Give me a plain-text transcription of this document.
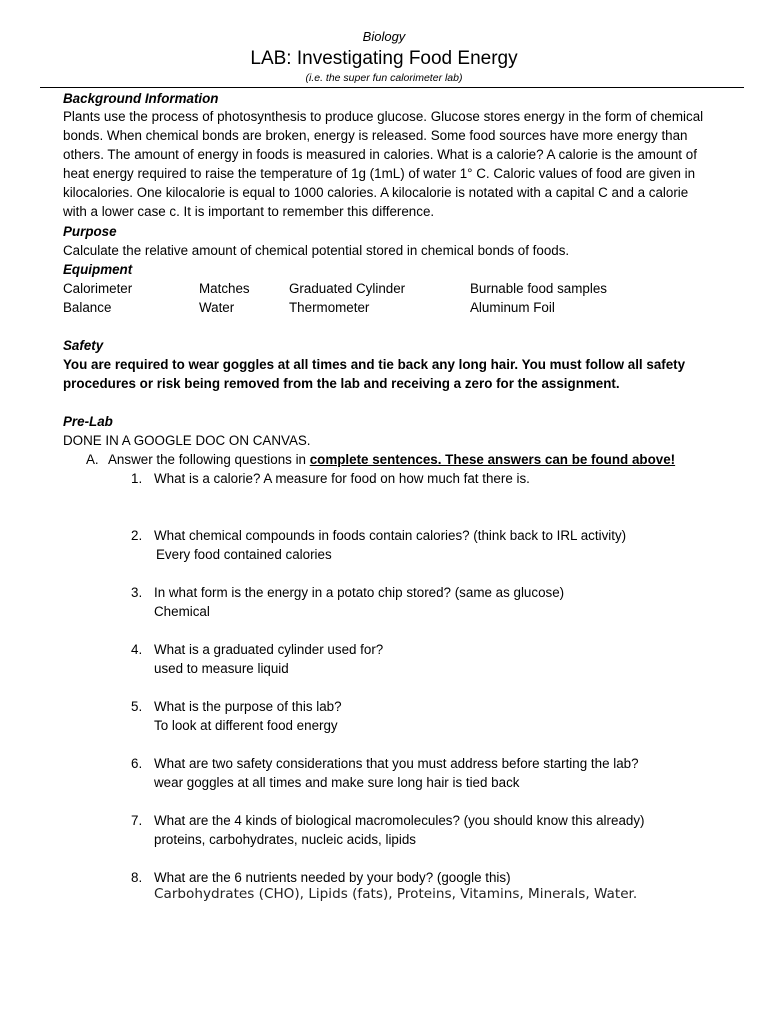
Biology
LAB: Investigating Food Energy
(i.e. the super fun calorimeter lab)
Background Information
Plants use the process of photosynthesis to produce glucose. Glucose stores energy in the form of chemical bonds. When chemical bonds are broken, energy is released. Some food sources have more energy than others. The amount of energy in foods is measured in calories. What is a calorie? A calorie is the amount of heat energy required to raise the temperature of 1g (1mL) of water 1° C. Caloric values of food are given in kilocalories. One kilocalorie is equal to 1000 calories. A kilocalorie is notated with a capital C and a calorie with a lower case c. It is important to remember this difference.
Purpose
Calculate the relative amount of chemical potential stored in chemical bonds of foods.
Equipment
Calorimeter	Matches	Graduated Cylinder	Burnable food samples
Balance	Water	Thermometer	Aluminum Foil
Safety
You are required to wear goggles at all times and tie back any long hair. You must follow all safety
procedures or risk being removed from the lab and receiving a zero for the assignment.
Pre-Lab
DONE IN A GOOGLE DOC ON CANVAS.
A. Answer the following questions in complete sentences. These answers can be found above!
1. What is a calorie? A measure for food on how much fat there is.
2. What chemical compounds in foods contain calories? (think back to IRL activity)
Every food contained calories
3. In what form is the energy in a potato chip stored? (same as glucose)
Chemical
4. What is a graduated cylinder used for?
used to measure liquid
5. What is the purpose of this lab?
To look at different food energy
6. What are two safety considerations that you must address before starting the lab?
wear goggles at all times and make sure long hair is tied back
7. What are the 4 kinds of biological macromolecules? (you should know this already)
proteins, carbohydrates, nucleic acids, lipids
8. What are the 6 nutrients needed by your body? (google this)
Carbohydrates (CHO), Lipids (fats), Proteins, Vitamins, Minerals, Water.
